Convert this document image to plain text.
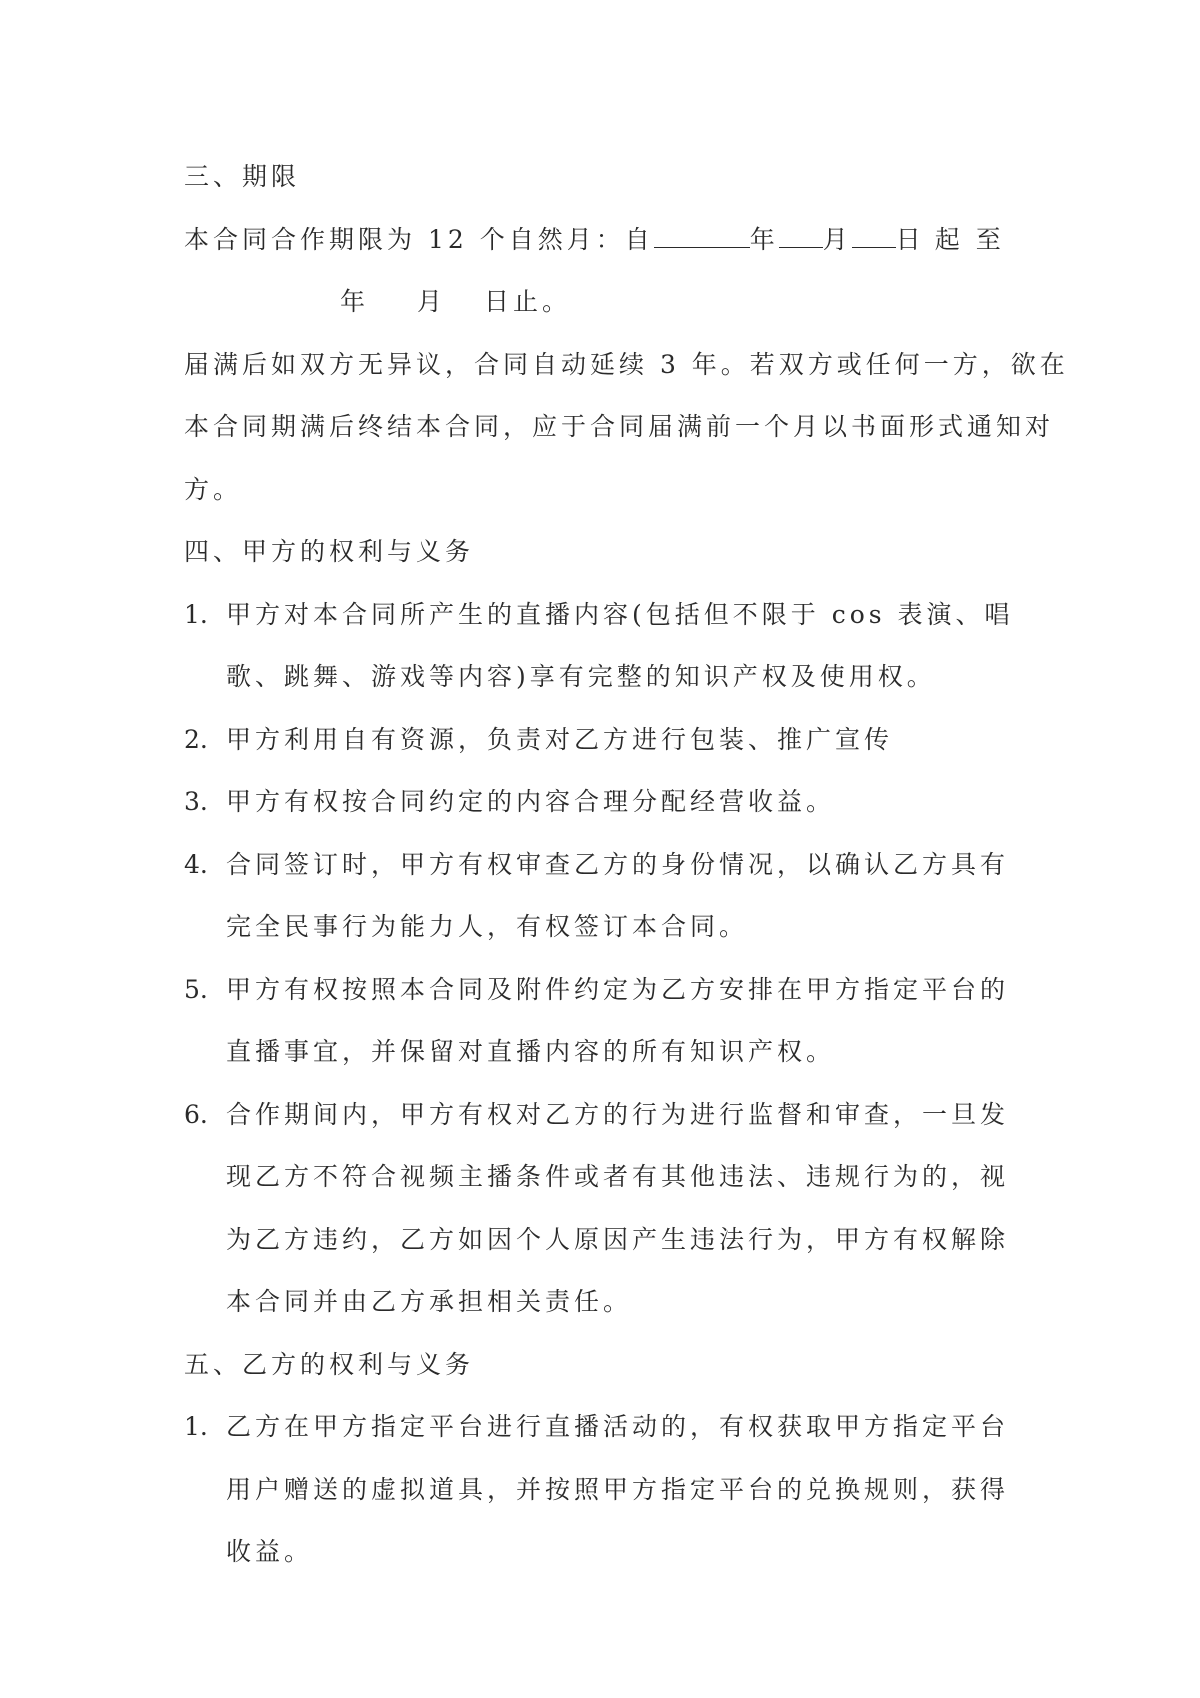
三、期限
本合同合作期限为 12 个自然月：自	年 月 日 起 至
年 月 日止。
届满后如双方无异议，合同自动延续 3 年。若双方或任何一方，欲在
本合同期满后终结本合同，应于合同届满前一个月以书面形式通知对
方。
四、甲方的权利与义务
1. 甲方对本合同所产生的直播内容(包括但不限于 cos 表演、唱歌、跳舞、游戏等内容)享有完整的知识产权及使用权。
2. 甲方利用自有资源，负责对乙方进行包装、推广宣传
3. 甲方有权按合同约定的内容合理分配经营收益。
4. 合同签订时，甲方有权审查乙方的身份情况，以确认乙方具有完全民事行为能力人，有权签订本合同。
5. 甲方有权按照本合同及附件约定为乙方安排在甲方指定平台的直播事宜，并保留对直播内容的所有知识产权。
6. 合作期间内，甲方有权对乙方的行为进行监督和审查，一旦发现乙方不符合视频主播条件或者有其他违法、违规行为的，视为乙方违约，乙方如因个人原因产生违法行为，甲方有权解除本合同并由乙方承担相关责任。
五、乙方的权利与义务
1. 乙方在甲方指定平台进行直播活动的，有权获取甲方指定平台用户赠送的虚拟道具，并按照甲方指定平台的兑换规则，获得收益。
